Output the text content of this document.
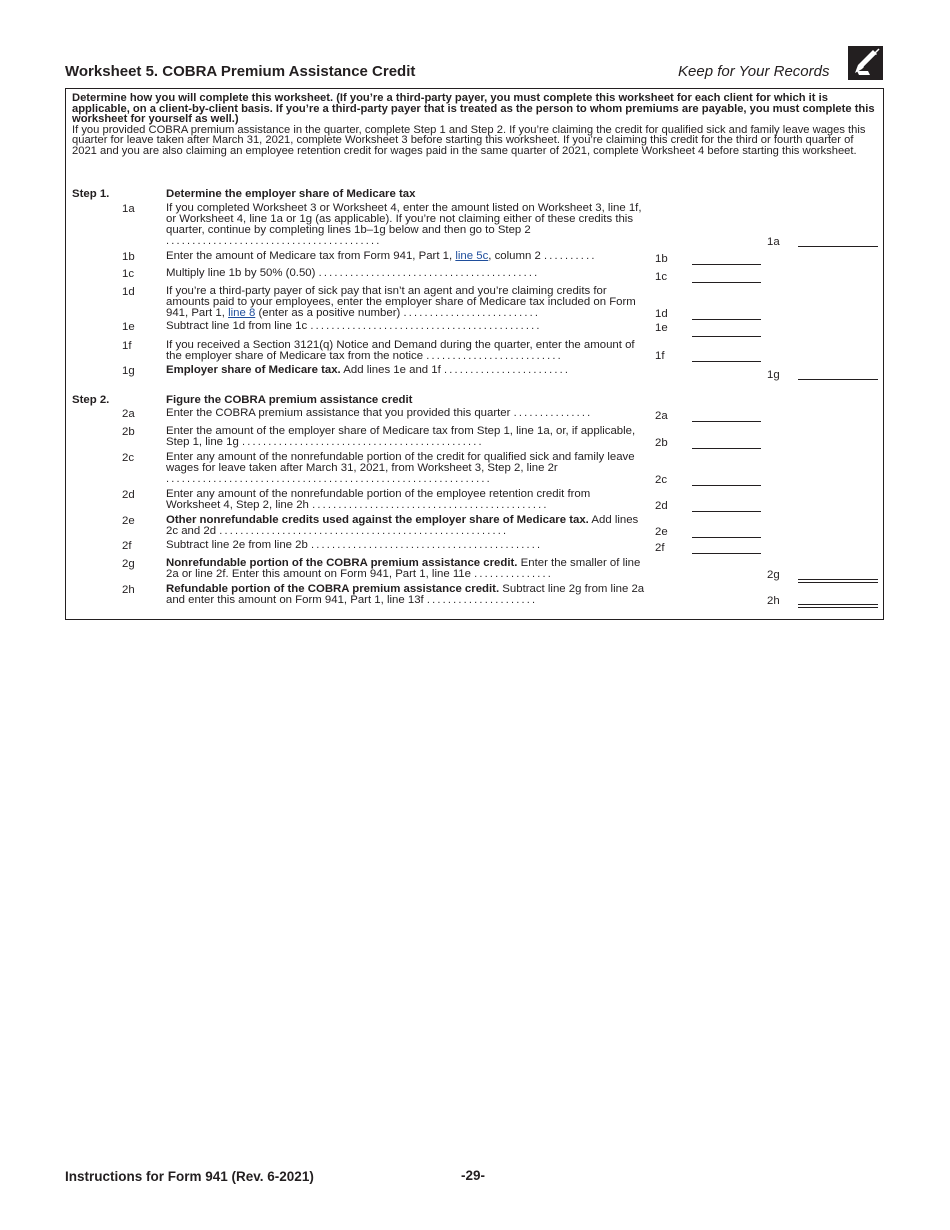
Worksheet 5. COBRA Premium Assistance Credit	Keep for Your Records

Determine how you will complete this worksheet. (If you’re a third-party payer, you must complete this worksheet for each client for which it is applicable, on a client-by-client basis. If you’re a third-party payer that is treated as the person to whom premiums are payable, you must complete this worksheet for yourself as well.)

If you provided COBRA premium assistance in the quarter, complete Step 1 and Step 2. If you’re claiming the credit for qualified sick and family leave wages this quarter for leave taken after March 31, 2021, complete Worksheet 3 before starting this worksheet. If you’re claiming this credit for the third or fourth quarter of 2021 and you are also claiming an employee retention credit for wages paid in the same quarter of 2021, complete Worksheet 4 before starting this worksheet.

Step 1.	Determine the employer share of Medicare tax
1a	If you completed Worksheet 3 or Worksheet 4, enter the amount listed on Worksheet 3, line 1f, or Worksheet 4, line 1a or 1g (as applicable). If you’re not claiming either of these credits this quarter, continue by completing lines 1b–1g below and then go to Step 2 .........................................	1a
1b	Enter the amount of Medicare tax from Form 941, Part 1, line 5c, column 2 ..........	1b
1c	Multiply line 1b by 50% (0.50) ..........................................	1c
1d	If you’re a third-party payer of sick pay that isn’t an agent and you’re claiming credits for amounts paid to your employees, enter the employer share of Medicare tax included on Form 941, Part 1, line 8 (enter as a positive number) ..........................	1d
1e	Subtract line 1d from line 1c ............................................	1e
1f	If you received a Section 3121(q) Notice and Demand during the quarter, enter the amount of the employer share of Medicare tax from the notice ..........................	1f
1g	Employer share of Medicare tax. Add lines 1e and 1f ........................	1g
Step 2.	Figure the COBRA premium assistance credit
2a	Enter the COBRA premium assistance that you provided this quarter ...............	2a
2b	Enter the amount of the employer share of Medicare tax from Step 1, line 1a, or, if applicable, Step 1, line 1g ..............................................	2b
2c	Enter any amount of the nonrefundable portion of the credit for qualified sick and family leave wages for leave taken after March 31, 2021, from Worksheet 3, Step 2, line 2r ..............................................................	2c
2d	Enter any amount of the nonrefundable portion of the employee retention credit from Worksheet 4, Step 2, line 2h .............................................	2d
2e	Other nonrefundable credits used against the employer share of Medicare tax. Add lines 2c and 2d .......................................................	2e
2f	Subtract line 2e from line 2b ............................................	2f
2g	Nonrefundable portion of the COBRA premium assistance credit. Enter the smaller of line 2a or line 2f. Enter this amount on Form 941, Part 1, line 11e ...............	2g
2h	Refundable portion of the COBRA premium assistance credit. Subtract line 2g from line 2a and enter this amount on Form 941, Part 1, line 13f .....................	2h
Instructions for Form 941 (Rev. 6-2021)	-29-
